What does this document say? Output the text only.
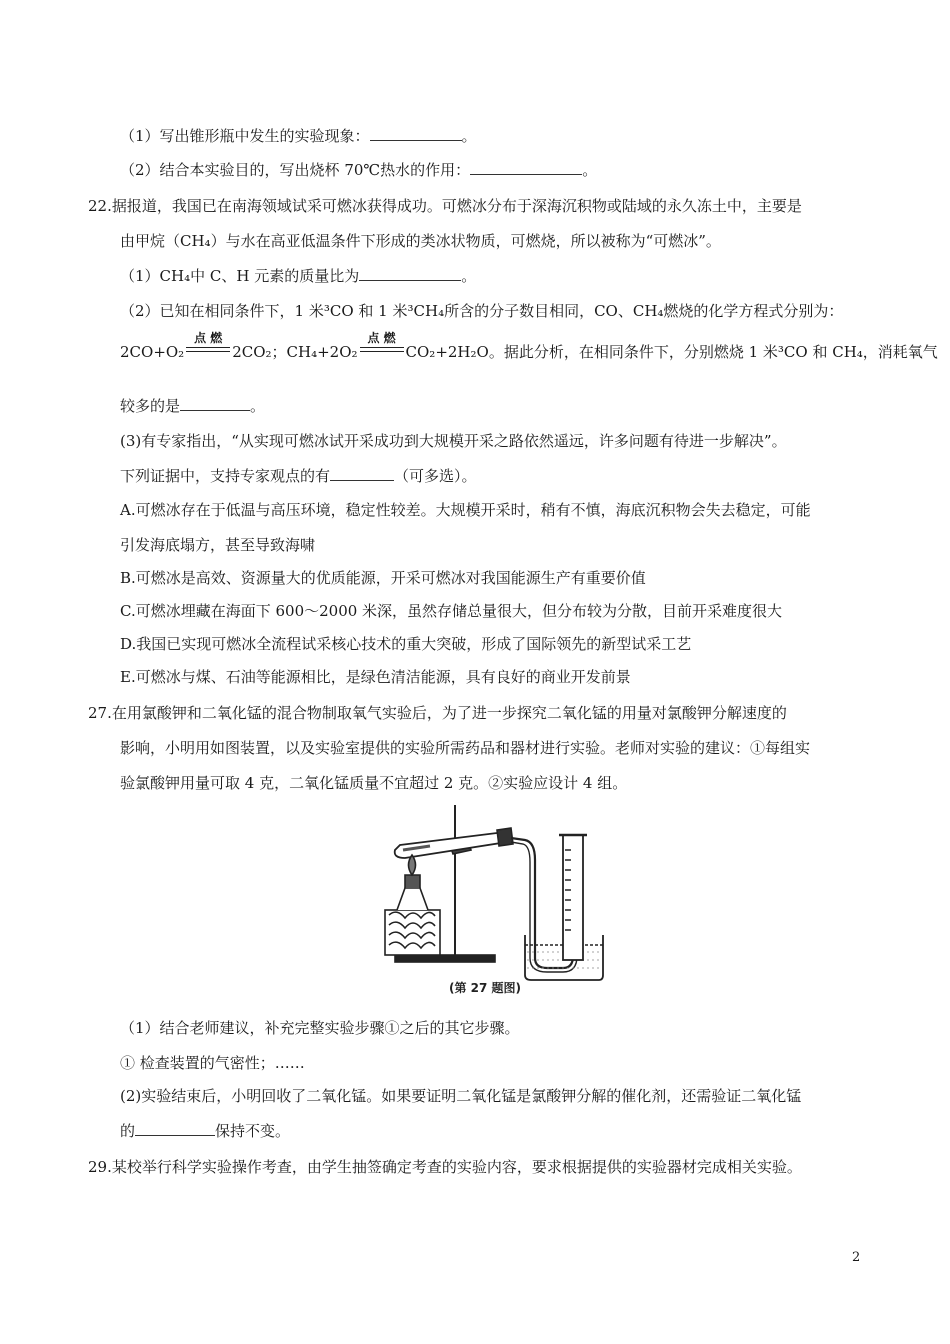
（1）写出锥形瓶中发生的实验现象：	。
（2）结合本实验目的，写出烧杯 70℃热水的作用：	。
22.据报道，我国已在南海领域试采可燃冰获得成功。可燃冰分布于深海沉积物或陆域的永久冻土中，主要是
由甲烷（CH₄）与水在高亚低温条件下形成的类冰状物质，可燃烧，所以被称为“可燃冰”。
（1）CH₄中 C、H 元素的质量比为	。
（2）已知在相同条件下，1 米³CO 和 1 米³CH₄所含的分子数目相同，CO、CH₄燃烧的化学方程式分别为：
2CO+O₂
点 燃
2CO₂；CH₄+2O₂
点 燃
CO₂+2H₂O。据此分析，在相同条件下，分别燃烧 1 米³CO 和 CH₄，消耗氧气
较多的是	。
(3)有专家指出，“从实现可燃冰试开采成功到大规模开采之路依然遥远，许多问题有待进一步解决”。
下列证据中，支持专家观点的有	（可多选）。
A.可燃冰存在于低温与高压环境，稳定性较差。大规模开采时，稍有不慎，海底沉积物会失去稳定，可能
引发海底塌方，甚至导致海啸
B.可燃冰是高效、资源量大的优质能源，开采可燃冰对我国能源生产有重要价值
C.可燃冰埋藏在海面下 600～2000 米深，虽然存储总量很大，但分布较为分散，目前开采难度很大
D.我国已实现可燃冰全流程试采核心技术的重大突破，形成了国际领先的新型试采工艺
E.可燃冰与煤、石油等能源相比，是绿色清洁能源，具有良好的商业开发前景
27.在用氯酸钾和二氧化锰的混合物制取氧气实验后，为了进一步探究二氧化锰的用量对氯酸钾分解速度的
影响，小明用如图装置，以及实验室提供的实验所需药品和器材进行实验。老师对实验的建议：①每组实
验氯酸钾用量可取 4 克，二氧化锰质量不宜超过 2 克。②实验应设计 4 组。
(第 27 题图)
（1）结合老师建议，补充完整实验步骤①之后的其它步骤。
① 检查装置的气密性；……
(2)实验结束后，小明回收了二氧化锰。如果要证明二氧化锰是氯酸钾分解的催化剂，还需验证二氧化锰
的	保持不变。
29.某校举行科学实验操作考查，由学生抽签确定考查的实验内容，要求根据提供的实验器材完成相关实验。
2
